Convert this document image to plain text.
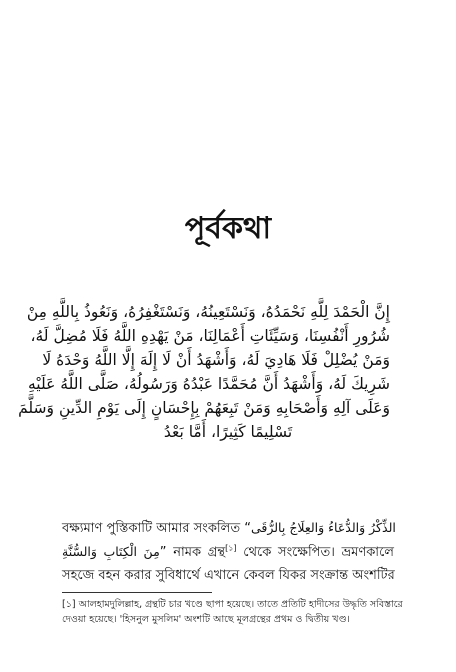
পূর্বকথা
إِنَّ الْحَمْدَ لِلَّهِ نَحْمَدُهُ، وَنَسْتَعِينُهُ، وَنَسْتَغْفِرُهُ، وَنَعُوذُ بِاللَّهِ مِنْ
شُرُورِ أَنْفُسِنَا، وَسَيِّئَاتِ أَعْمَالِنَا، مَنْ يَهْدِهِ اللَّهُ فَلَا مُضِلَّ لَهُ،
وَمَنْ يُضْلِلْ فَلَا هَادِيَ لَهُ، وَأَشْهَدُ أَنْ لَا إِلَهَ إِلَّا اللَّهُ وَحْدَهُ لَا
شَرِيكَ لَهُ، وَأَشْهَدُ أَنَّ مُحَمَّدًا عَبْدُهُ وَرَسُولُهُ، صَلَّى اللَّهُ عَلَيْهِ
وَعَلَى آلِهِ وَأَصْحَابِهِ وَمَنْ تَبِعَهُمْ بِإِحْسَانٍ إِلَى يَوْمِ الدِّينِ وَسَلَّمَ
تَسْلِيمًا كَثِيرًا، أَمَّا بَعْدُ
বক্ষ্যমাণ পুস্তিকাটি আমার সংকলিত “الذِّكْرُ وَالدُّعَاءُ وَالعِلَاجُ بِالرُّقَى
مِنَ الْكِتَابِ وَالسُّنَّةِ” নামক গ্রন্থ[১] থেকে সংক্ষেপিত। ভ্রমণকালে
সহজে বহন করার সুবিধার্থে এখানে কেবল যিকর সংক্রান্ত অংশটির
[১] আলহামদুলিল্লাহ, গ্রন্থটি চার খণ্ডে ছাপা হয়েছে। তাতে প্রতিটি হাদীসের উদ্ধৃতি সবিস্তারে
দেওয়া হয়েছে। 'হিসনুল মুসলিম' অংশটি আছে মূলগ্রন্থের প্রথম ও দ্বিতীয় খণ্ড।
